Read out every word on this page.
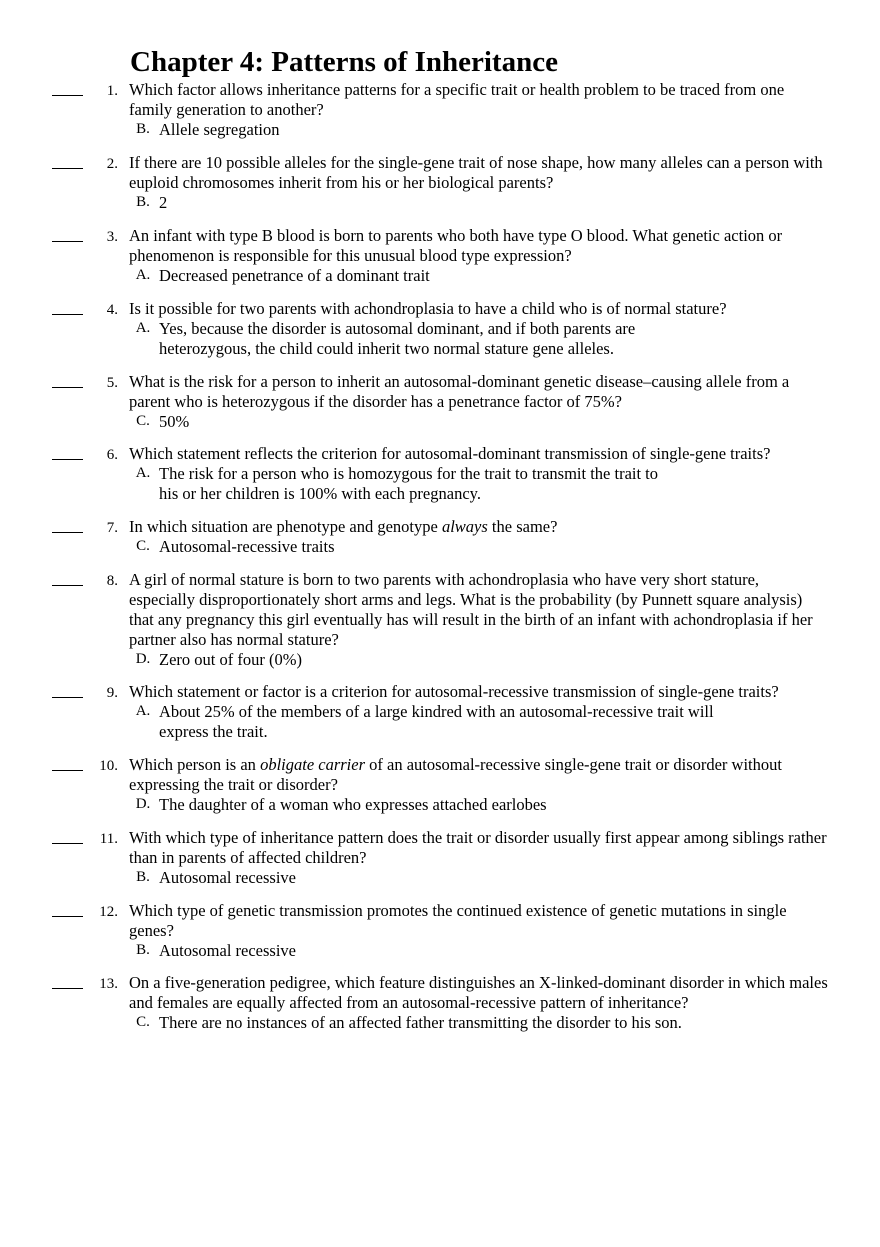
Chapter 4: Patterns of Inheritance
1. Which factor allows inheritance patterns for a specific trait or health problem to be traced from one family generation to another?
B. Allele segregation
2. If there are 10 possible alleles for the single-gene trait of nose shape, how many alleles can a person with euploid chromosomes inherit from his or her biological parents?
B. 2
3. An infant with type B blood is born to parents who both have type O blood. What genetic action or phenomenon is responsible for this unusual blood type expression?
A. Decreased penetrance of a dominant trait
4. Is it possible for two parents with achondroplasia to have a child who is of normal stature?
A. Yes, because the disorder is autosomal dominant, and if both parents are heterozygous, the child could inherit two normal stature gene alleles.
5. What is the risk for a person to inherit an autosomal-dominant genetic disease–causing allele from a parent who is heterozygous if the disorder has a penetrance factor of 75%?
C. 50%
6. Which statement reflects the criterion for autosomal-dominant transmission of single-gene traits?
A. The risk for a person who is homozygous for the trait to transmit the trait to his or her children is 100% with each pregnancy.
7. In which situation are phenotype and genotype always the same?
C. Autosomal-recessive traits
8. A girl of normal stature is born to two parents with achondroplasia who have very short stature, especially disproportionately short arms and legs. What is the probability (by Punnett square analysis) that any pregnancy this girl eventually has will result in the birth of an infant with achondroplasia if her partner also has normal stature?
D. Zero out of four (0%)
9. Which statement or factor is a criterion for autosomal-recessive transmission of single-gene traits?
A. About 25% of the members of a large kindred with an autosomal-recessive trait will express the trait.
10. Which person is an obligate carrier of an autosomal-recessive single-gene trait or disorder without expressing the trait or disorder?
D. The daughter of a woman who expresses attached earlobes
11. With which type of inheritance pattern does the trait or disorder usually first appear among siblings rather than in parents of affected children?
B. Autosomal recessive
12. Which type of genetic transmission promotes the continued existence of genetic mutations in single genes?
B. Autosomal recessive
13. On a five-generation pedigree, which feature distinguishes an X-linked-dominant disorder in which males and females are equally affected from an autosomal-recessive pattern of inheritance?
C. There are no instances of an affected father transmitting the disorder to his son.
